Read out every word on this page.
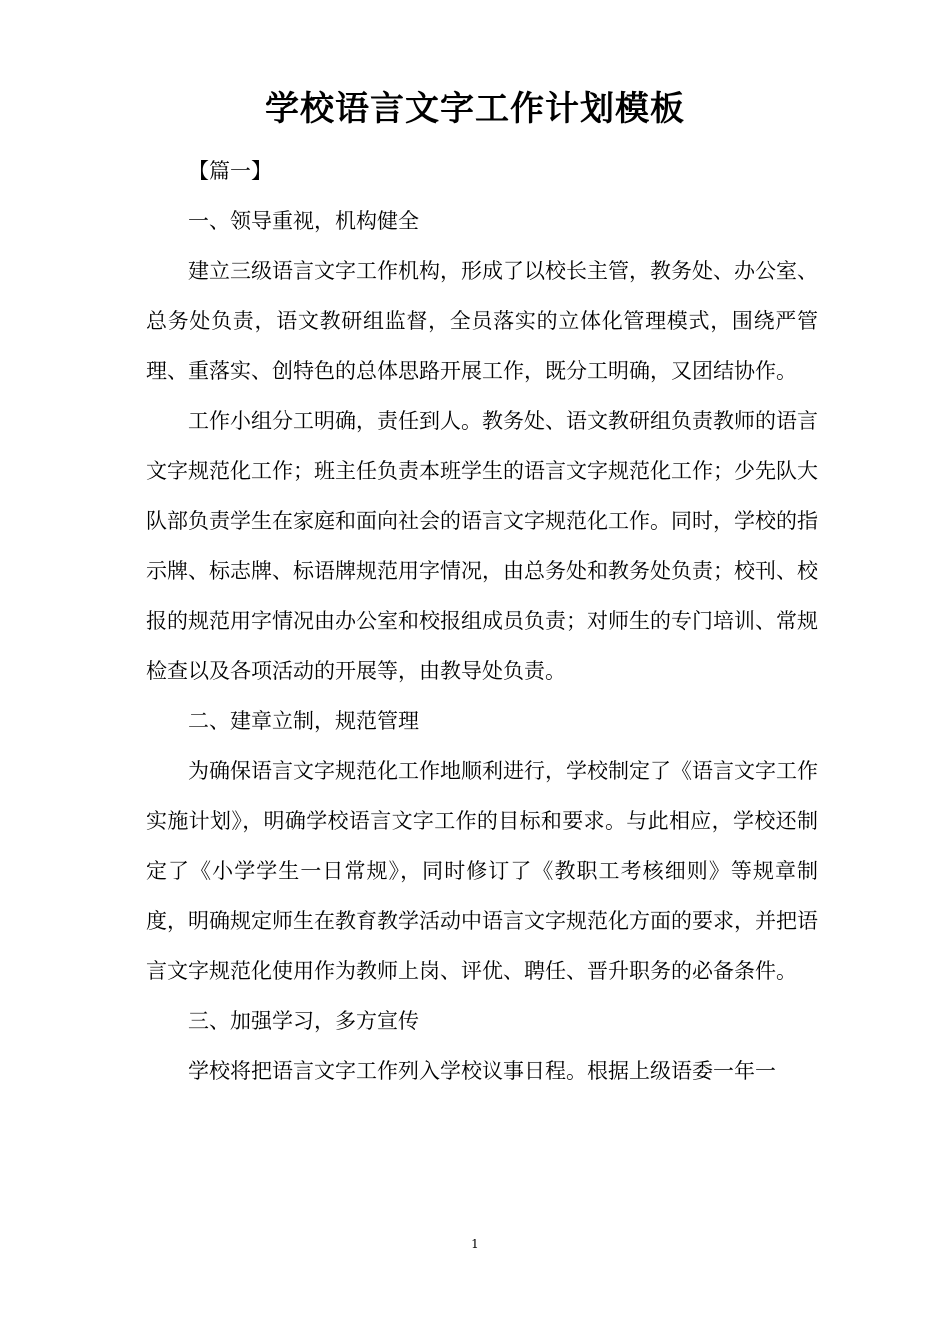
学校语言文字工作计划模板

【篇一】

一、领导重视，机构健全

建立三级语言文字工作机构，形成了以校长主管，教务处、办公室、总务处负责，语文教研组监督，全员落实的立体化管理模式，围绕严管理、重落实、创特色的总体思路开展工作，既分工明确，又团结协作。

工作小组分工明确，责任到人。教务处、语文教研组负责教师的语言文字规范化工作；班主任负责本班学生的语言文字规范化工作；少先队大队部负责学生在家庭和面向社会的语言文字规范化工作。同时，学校的指示牌、标志牌、标语牌规范用字情况，由总务处和教务处负责；校刊、校报的规范用字情况由办公室和校报组成员负责；对师生的专门培训、常规检查以及各项活动的开展等，由教导处负责。

二、建章立制，规范管理

为确保语言文字规范化工作地顺利进行，学校制定了《语言文字工作实施计划》，明确学校语言文字工作的目标和要求。与此相应，学校还制定了《小学学生一日常规》，同时修订了《教职工考核细则》等规章制度，明确规定师生在教育教学活动中语言文字规范化方面的要求，并把语言文字规范化使用作为教师上岗、评优、聘任、晋升职务的必备条件。

三、加强学习，多方宣传

学校将把语言文字工作列入学校议事日程。根据上级语委一年一

1
